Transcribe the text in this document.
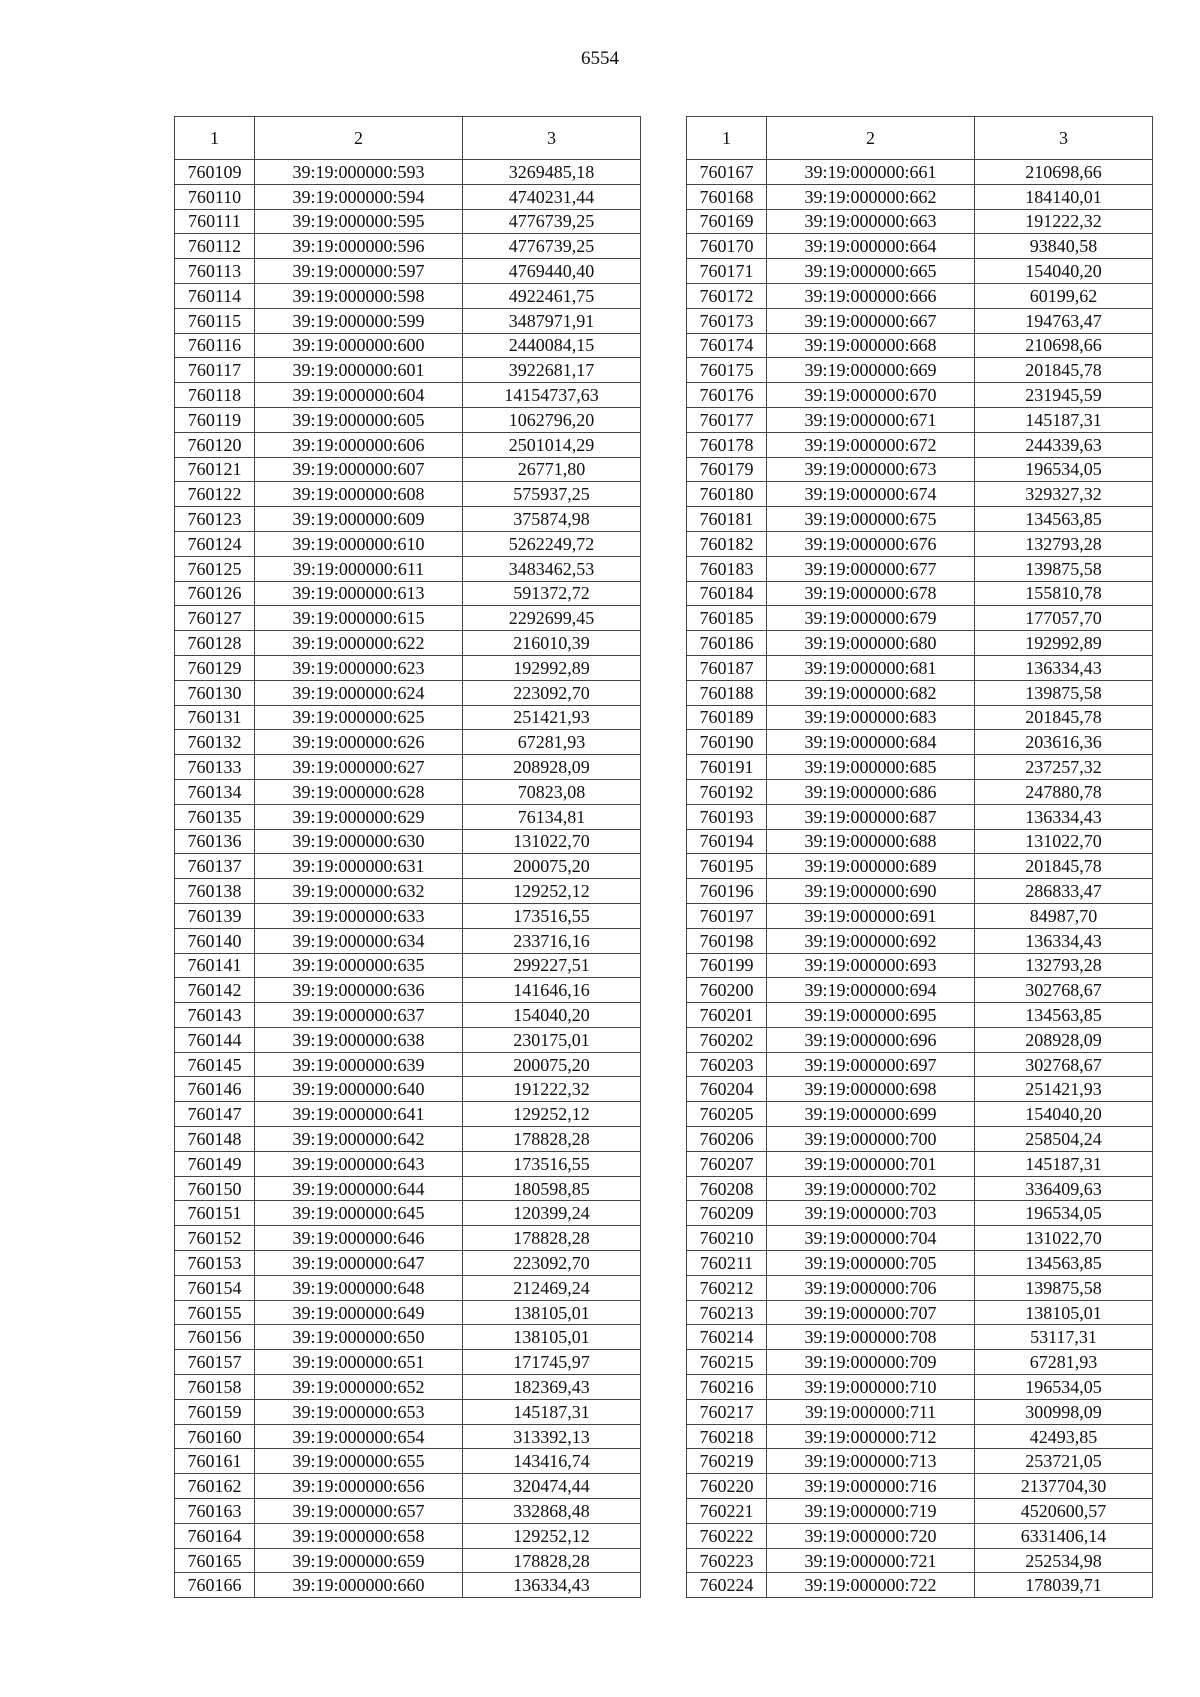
6554
1	2	3
760109	39:19:000000:593	3269485,18
760110	39:19:000000:594	4740231,44
760111	39:19:000000:595	4776739,25
760112	39:19:000000:596	4776739,25
760113	39:19:000000:597	4769440,40
760114	39:19:000000:598	4922461,75
760115	39:19:000000:599	3487971,91
760116	39:19:000000:600	2440084,15
760117	39:19:000000:601	3922681,17
760118	39:19:000000:604	14154737,63
760119	39:19:000000:605	1062796,20
760120	39:19:000000:606	2501014,29
760121	39:19:000000:607	26771,80
760122	39:19:000000:608	575937,25
760123	39:19:000000:609	375874,98
760124	39:19:000000:610	5262249,72
760125	39:19:000000:611	3483462,53
760126	39:19:000000:613	591372,72
760127	39:19:000000:615	2292699,45
760128	39:19:000000:622	216010,39
760129	39:19:000000:623	192992,89
760130	39:19:000000:624	223092,70
760131	39:19:000000:625	251421,93
760132	39:19:000000:626	67281,93
760133	39:19:000000:627	208928,09
760134	39:19:000000:628	70823,08
760135	39:19:000000:629	76134,81
760136	39:19:000000:630	131022,70
760137	39:19:000000:631	200075,20
760138	39:19:000000:632	129252,12
760139	39:19:000000:633	173516,55
760140	39:19:000000:634	233716,16
760141	39:19:000000:635	299227,51
760142	39:19:000000:636	141646,16
760143	39:19:000000:637	154040,20
760144	39:19:000000:638	230175,01
760145	39:19:000000:639	200075,20
760146	39:19:000000:640	191222,32
760147	39:19:000000:641	129252,12
760148	39:19:000000:642	178828,28
760149	39:19:000000:643	173516,55
760150	39:19:000000:644	180598,85
760151	39:19:000000:645	120399,24
760152	39:19:000000:646	178828,28
760153	39:19:000000:647	223092,70
760154	39:19:000000:648	212469,24
760155	39:19:000000:649	138105,01
760156	39:19:000000:650	138105,01
760157	39:19:000000:651	171745,97
760158	39:19:000000:652	182369,43
760159	39:19:000000:653	145187,31
760160	39:19:000000:654	313392,13
760161	39:19:000000:655	143416,74
760162	39:19:000000:656	320474,44
760163	39:19:000000:657	332868,48
760164	39:19:000000:658	129252,12
760165	39:19:000000:659	178828,28
760166	39:19:000000:660	136334,43
1	2	3
760167	39:19:000000:661	210698,66
760168	39:19:000000:662	184140,01
760169	39:19:000000:663	191222,32
760170	39:19:000000:664	93840,58
760171	39:19:000000:665	154040,20
760172	39:19:000000:666	60199,62
760173	39:19:000000:667	194763,47
760174	39:19:000000:668	210698,66
760175	39:19:000000:669	201845,78
760176	39:19:000000:670	231945,59
760177	39:19:000000:671	145187,31
760178	39:19:000000:672	244339,63
760179	39:19:000000:673	196534,05
760180	39:19:000000:674	329327,32
760181	39:19:000000:675	134563,85
760182	39:19:000000:676	132793,28
760183	39:19:000000:677	139875,58
760184	39:19:000000:678	155810,78
760185	39:19:000000:679	177057,70
760186	39:19:000000:680	192992,89
760187	39:19:000000:681	136334,43
760188	39:19:000000:682	139875,58
760189	39:19:000000:683	201845,78
760190	39:19:000000:684	203616,36
760191	39:19:000000:685	237257,32
760192	39:19:000000:686	247880,78
760193	39:19:000000:687	136334,43
760194	39:19:000000:688	131022,70
760195	39:19:000000:689	201845,78
760196	39:19:000000:690	286833,47
760197	39:19:000000:691	84987,70
760198	39:19:000000:692	136334,43
760199	39:19:000000:693	132793,28
760200	39:19:000000:694	302768,67
760201	39:19:000000:695	134563,85
760202	39:19:000000:696	208928,09
760203	39:19:000000:697	302768,67
760204	39:19:000000:698	251421,93
760205	39:19:000000:699	154040,20
760206	39:19:000000:700	258504,24
760207	39:19:000000:701	145187,31
760208	39:19:000000:702	336409,63
760209	39:19:000000:703	196534,05
760210	39:19:000000:704	131022,70
760211	39:19:000000:705	134563,85
760212	39:19:000000:706	139875,58
760213	39:19:000000:707	138105,01
760214	39:19:000000:708	53117,31
760215	39:19:000000:709	67281,93
760216	39:19:000000:710	196534,05
760217	39:19:000000:711	300998,09
760218	39:19:000000:712	42493,85
760219	39:19:000000:713	253721,05
760220	39:19:000000:716	2137704,30
760221	39:19:000000:719	4520600,57
760222	39:19:000000:720	6331406,14
760223	39:19:000000:721	252534,98
760224	39:19:000000:722	178039,71
